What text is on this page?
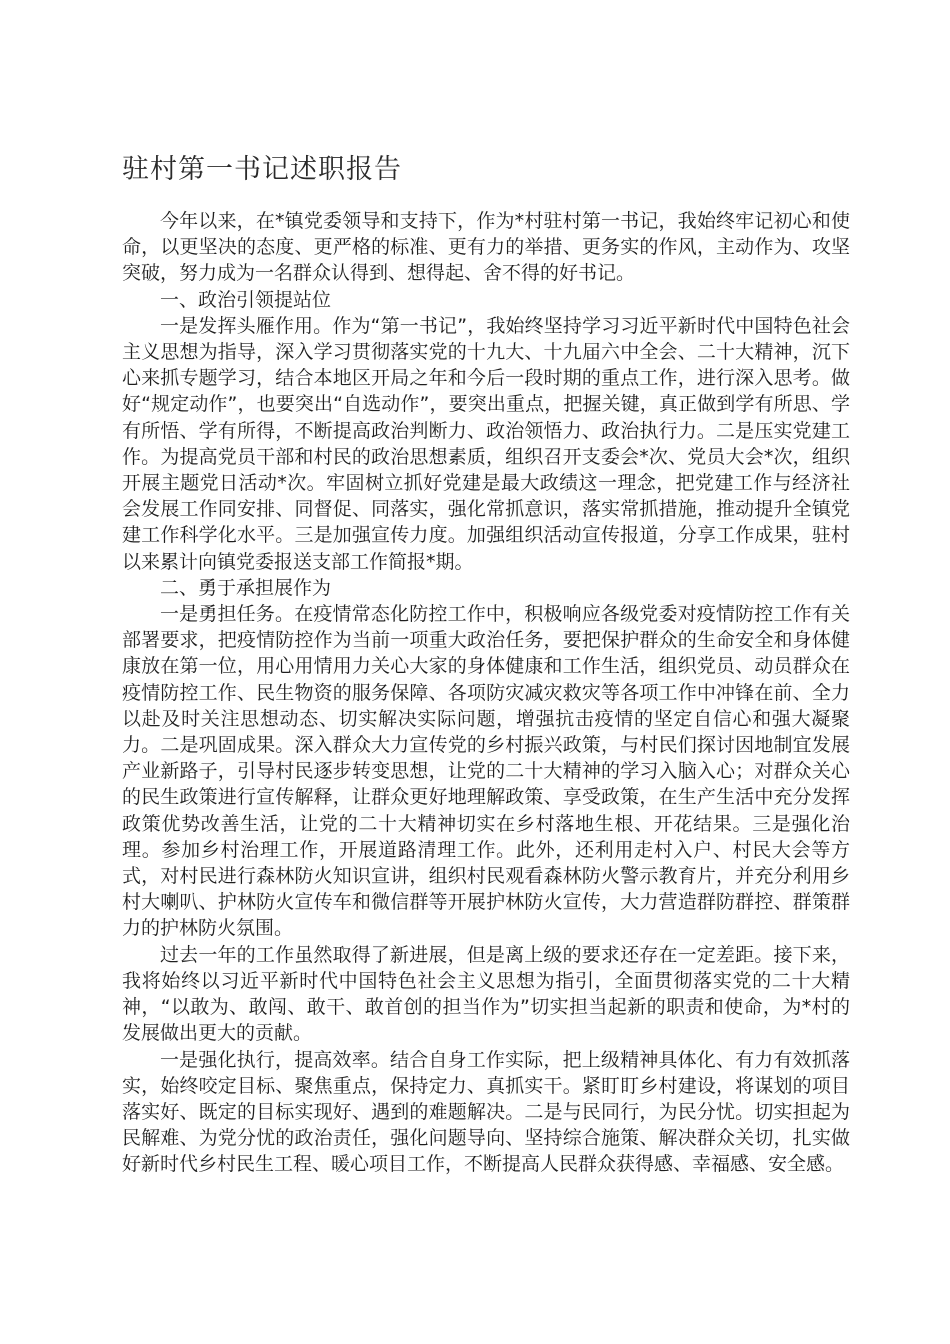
驻村第一书记述职报告

今年以来，在*镇党委领导和支持下，作为*村驻村第一书记，我始终牢记初心和使命，以更坚决的态度、更严格的标准、更有力的举措、更务实的作风，主动作为、攻坚突破，努力成为一名群众认得到、想得起、舍不得的好书记。

一、政治引领提站位

一是发挥头雁作用。作为“第一书记”，我始终坚持学习习近平新时代中国特色社会主义思想为指导，深入学习贯彻落实党的十九大、十九届六中全会、二十大精神，沉下心来抓专题学习，结合本地区开局之年和今后一段时期的重点工作，进行深入思考。做好“规定动作”，也要突出“自选动作”，要突出重点，把握关键，真正做到学有所思、学有所悟、学有所得，不断提高政治判断力、政治领悟力、政治执行力。二是压实党建工作。为提高党员干部和村民的政治思想素质，组织召开支委会*次、党员大会*次，组织开展主题党日活动*次。牢固树立抓好党建是最大政绩这一理念，把党建工作与经济社会发展工作同安排、同督促、同落实，强化常抓意识，落实常抓措施，推动提升全镇党建工作科学化水平。三是加强宣传力度。加强组织活动宣传报道，分享工作成果，驻村以来累计向镇党委报送支部工作简报*期。

二、勇于承担展作为

一是勇担任务。在疫情常态化防控工作中，积极响应各级党委对疫情防控工作有关部署要求，把疫情防控作为当前一项重大政治任务，要把保护群众的生命安全和身体健康放在第一位，用心用情用力关心大家的身体健康和工作生活，组织党员、动员群众在疫情防控工作、民生物资的服务保障、各项防灾减灾救灾等各项工作中冲锋在前、全力以赴及时关注思想动态、切实解决实际问题，增强抗击疫情的坚定自信心和强大凝聚力。二是巩固成果。深入群众大力宣传党的乡村振兴政策，与村民们探讨因地制宜发展产业新路子，引导村民逐步转变思想，让党的二十大精神的学习入脑入心；对群众关心的民生政策进行宣传解释，让群众更好地理解政策、享受政策，在生产生活中充分发挥政策优势改善生活，让党的二十大精神切实在乡村落地生根、开花结果。三是强化治理。参加乡村治理工作，开展道路清理工作。此外，还利用走村入户、村民大会等方式，对村民进行森林防火知识宣讲，组织村民观看森林防火警示教育片，并充分利用乡村大喇叭、护林防火宣传车和微信群等开展护林防火宣传，大力营造群防群控、群策群力的护林防火氛围。

过去一年的工作虽然取得了新进展，但是离上级的要求还存在一定差距。接下来，我将始终以习近平新时代中国特色社会主义思想为指引，全面贯彻落实党的二十大精神，“以敢为、敢闯、敢干、敢首创的担当作为”切实担当起新的职责和使命，为*村的发展做出更大的贡献。

一是强化执行，提高效率。结合自身工作实际，把上级精神具体化、有力有效抓落实，始终咬定目标、聚焦重点，保持定力、真抓实干。紧盯盯乡村建设，将谋划的项目落实好、既定的目标实现好、遇到的难题解决。二是与民同行，为民分忧。切实担起为民解难、为党分忧的政治责任，强化问题导向、坚持综合施策、解决群众关切，扎实做好新时代乡村民生工程、暖心项目工作，不断提高人民群众获得感、幸福感、安全感。
